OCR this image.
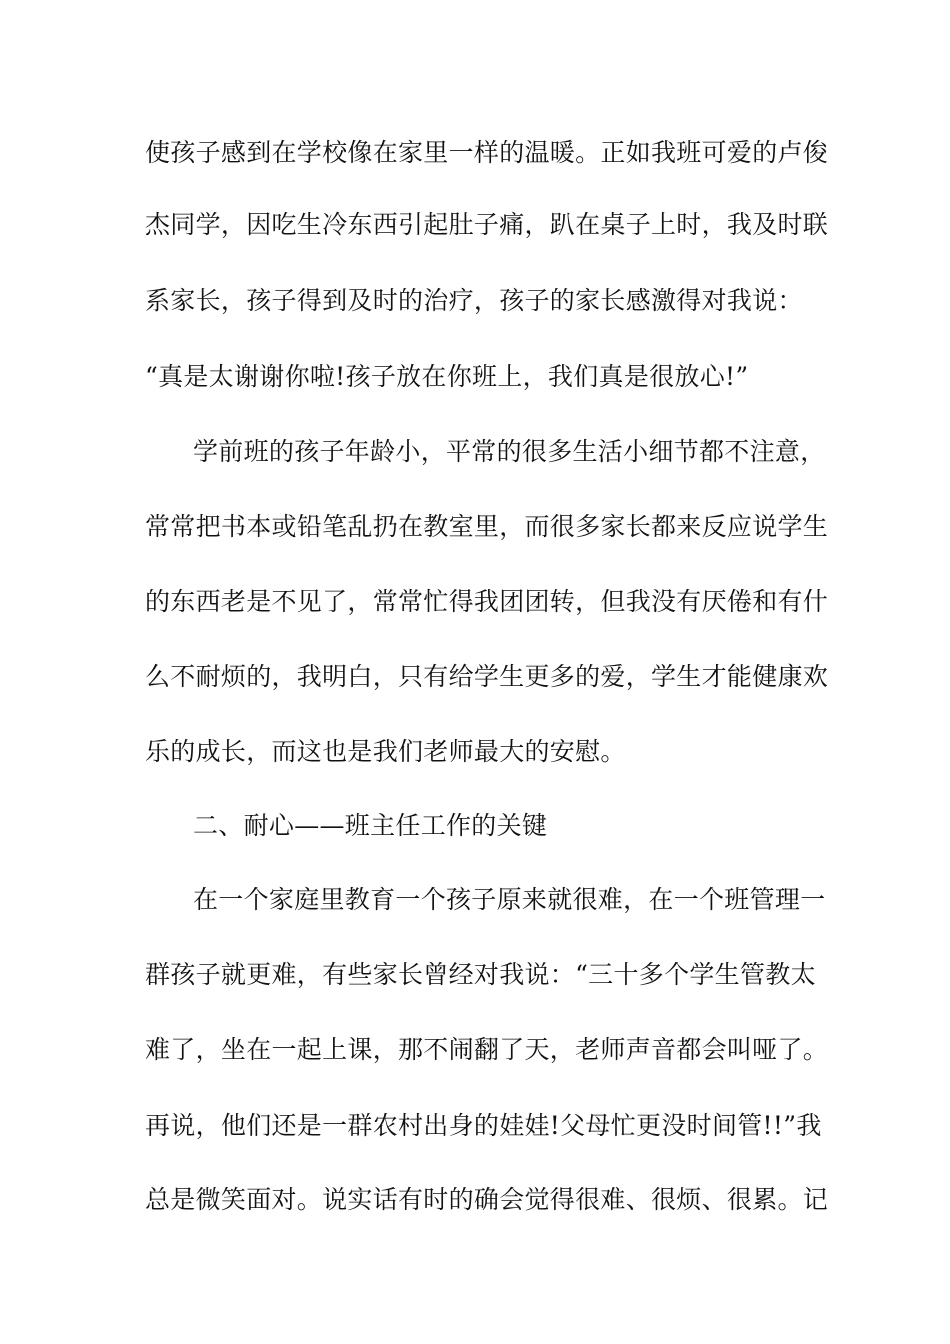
使孩子感到在学校像在家里一样的温暖。正如我班可爱的卢俊
杰同学，因吃生冷东西引起肚子痛，趴在桌子上时，我及时联
系家长，孩子得到及时的治疗，孩子的家长感激得对我说：
“真是太谢谢你啦!孩子放在你班上，我们真是很放心!”
学前班的孩子年龄小，平常的很多生活小细节都不注意，
常常把书本或铅笔乱扔在教室里，而很多家长都来反应说学生
的东西老是不见了，常常忙得我团团转，但我没有厌倦和有什
么不耐烦的，我明白，只有给学生更多的爱，学生才能健康欢
乐的成长，而这也是我们老师最大的安慰。
二、耐心——班主任工作的关键
在一个家庭里教育一个孩子原来就很难，在一个班管理一
群孩子就更难，有些家长曾经对我说：“三十多个学生管教太
难了，坐在一起上课，那不闹翻了天，老师声音都会叫哑了。
再说，他们还是一群农村出身的娃娃!父母忙更没时间管!!”我
总是微笑面对。说实话有时的确会觉得很难、很烦、很累。记
